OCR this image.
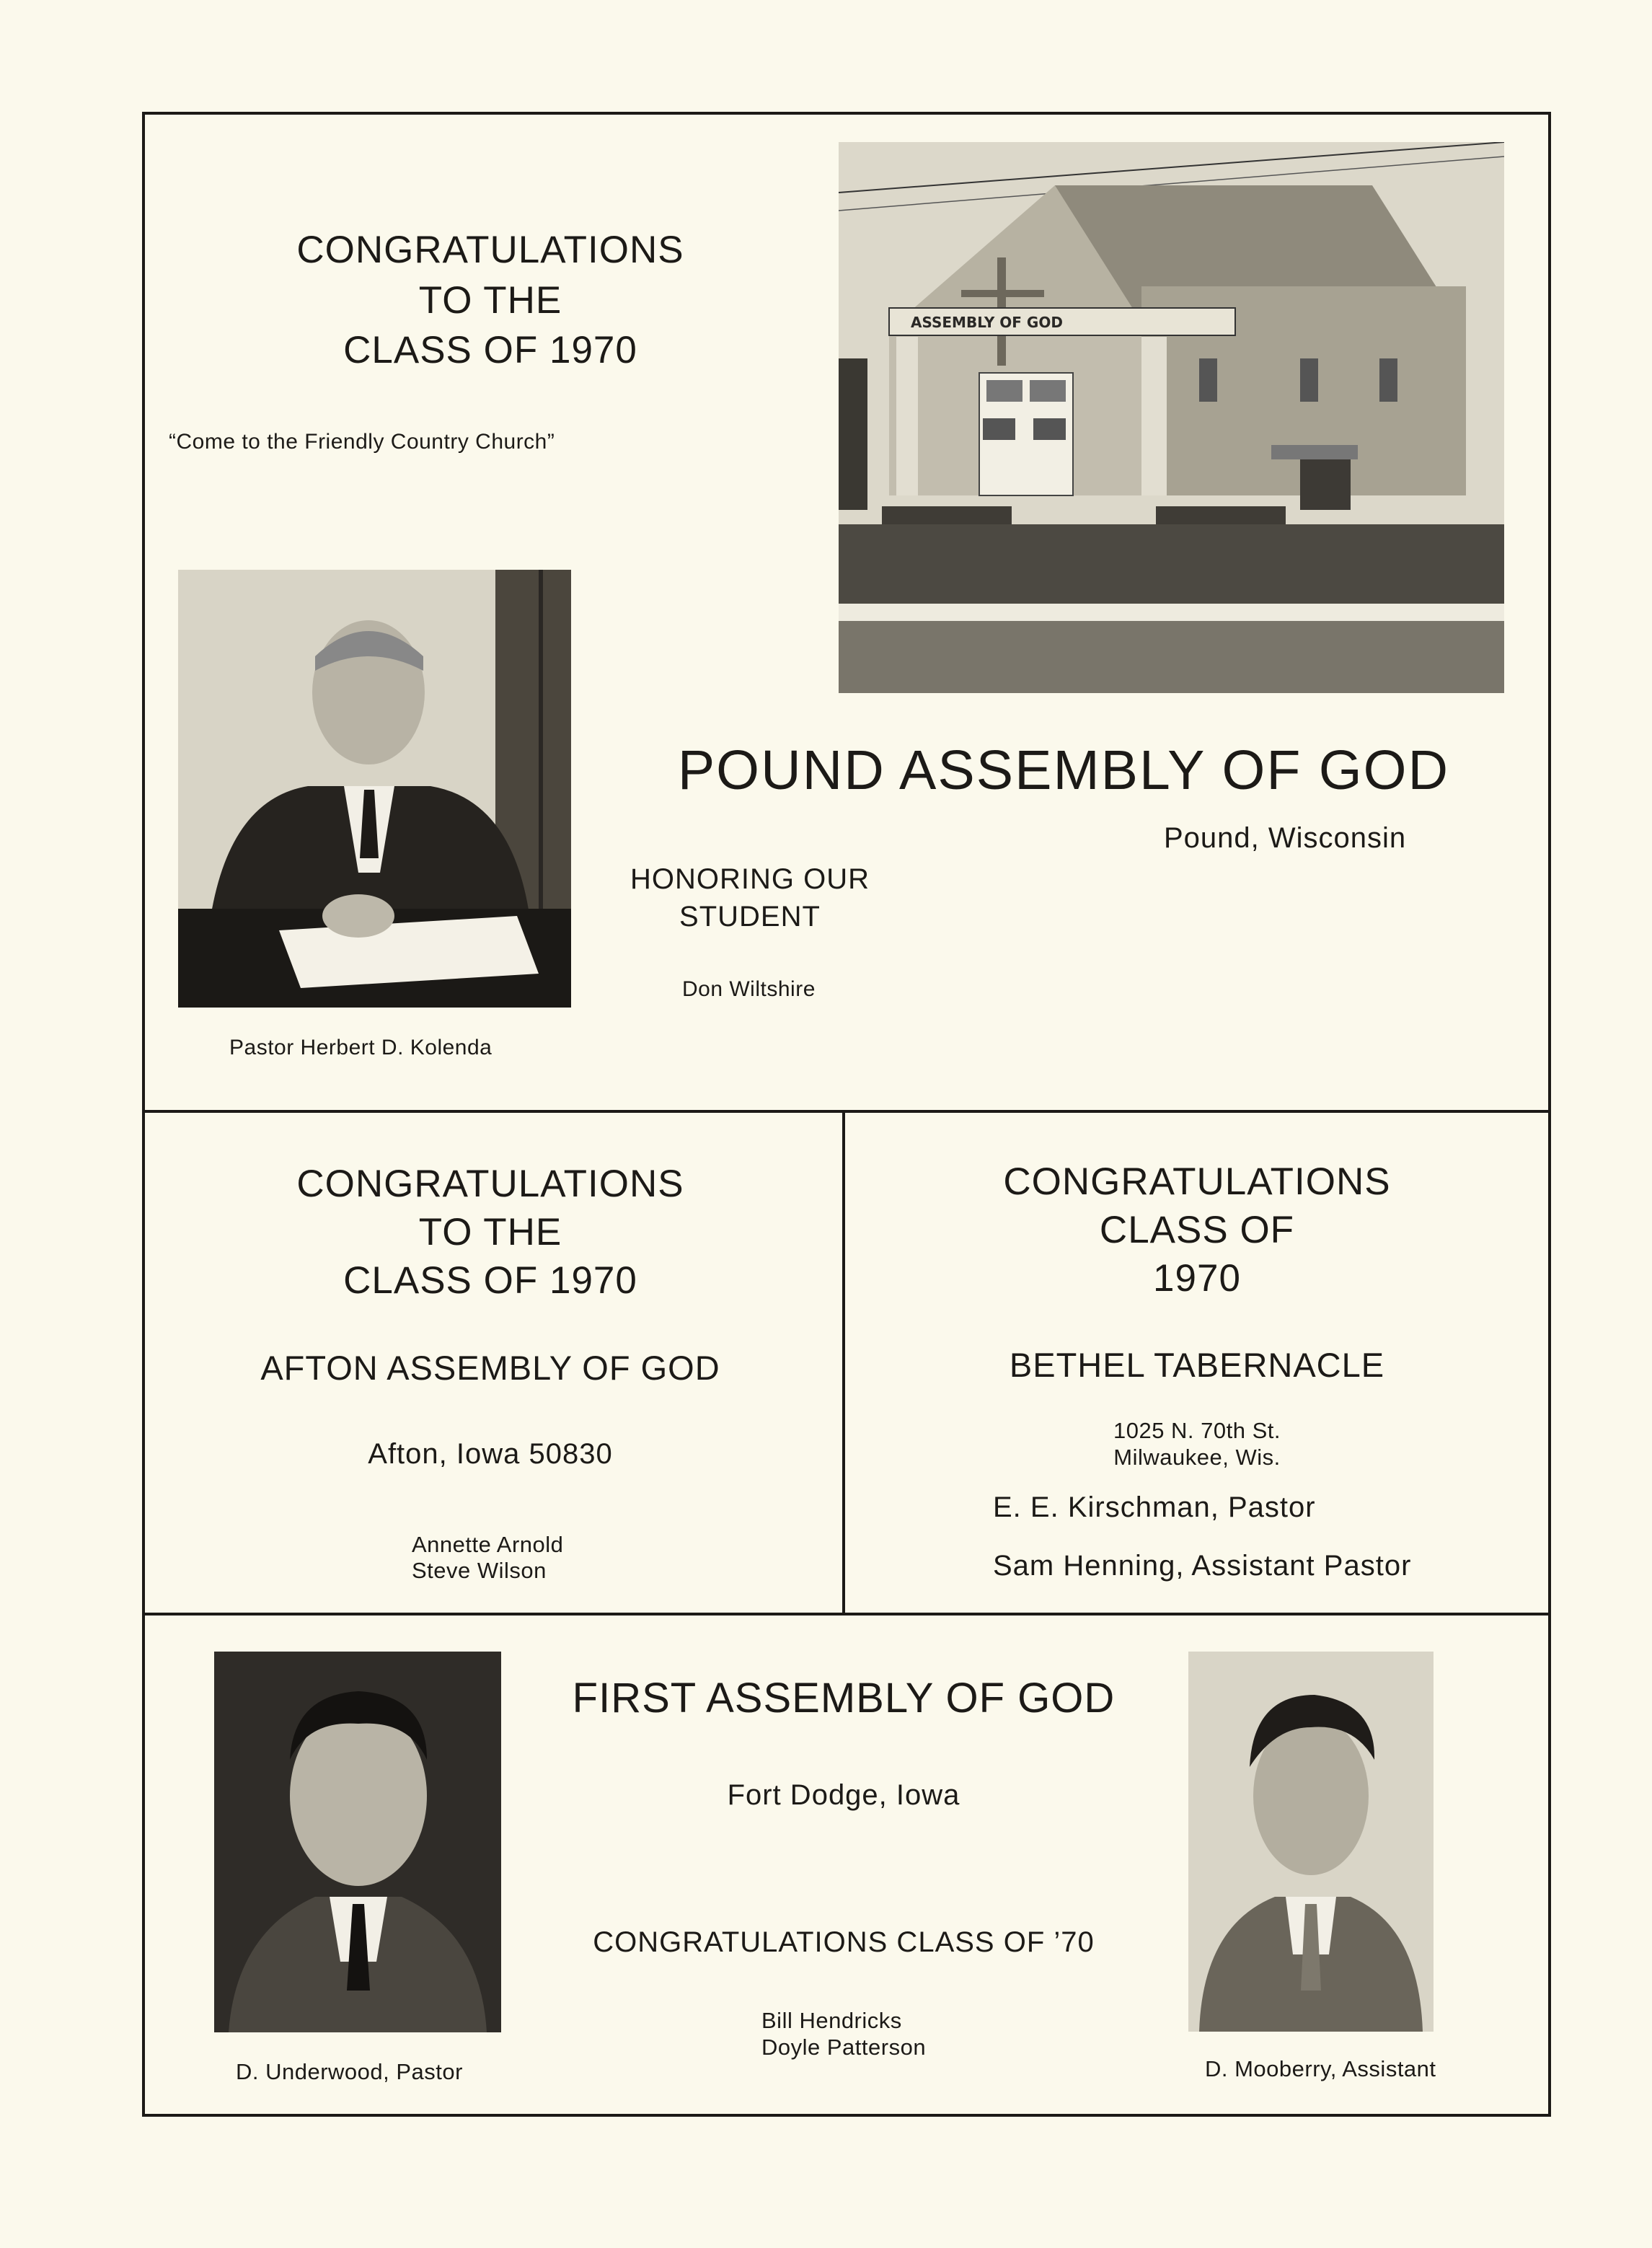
CONGRATULATIONS
TO THE
CLASS OF 1970
“Come to the Friendly Country Church”
ASSEMBLY OF GOD
POUND ASSEMBLY OF GOD
Pound, Wisconsin
HONORING OUR
STUDENT
Don Wiltshire
Pastor Herbert D. Kolenda
CONGRATULATIONS
TO THE
CLASS OF 1970
AFTON ASSEMBLY OF GOD
Afton, Iowa 50830
Annette Arnold
Steve Wilson
CONGRATULATIONS
CLASS OF
1970
BETHEL TABERNACLE
1025 N. 70th St.
Milwaukee, Wis.
E. E. Kirschman, Pastor
Sam Henning, Assistant Pastor
FIRST ASSEMBLY OF GOD
Fort Dodge, Iowa
CONGRATULATIONS CLASS OF ’70
Bill Hendricks
Doyle Patterson
D. Underwood, Pastor	D. Mooberry, Assistant
